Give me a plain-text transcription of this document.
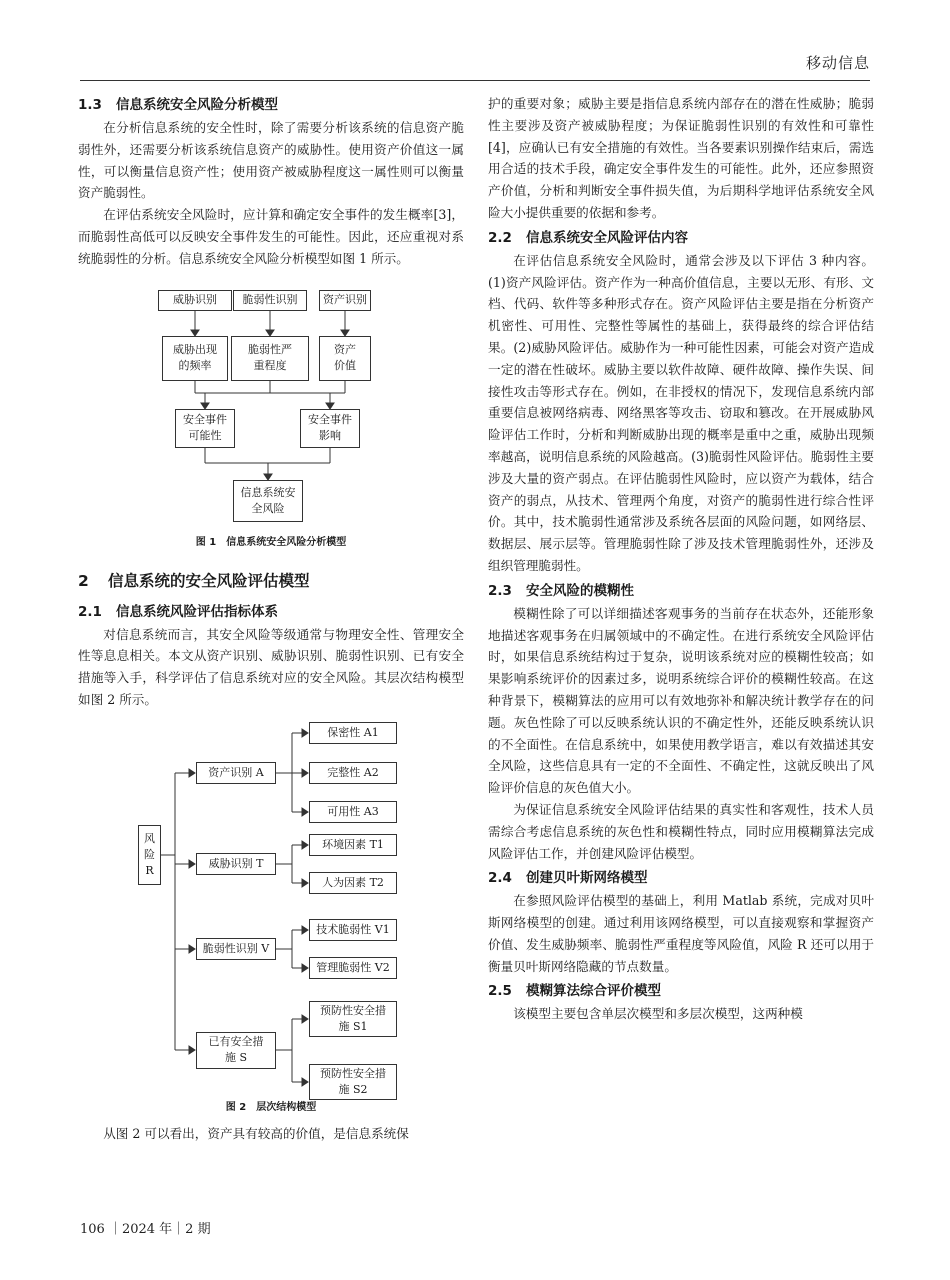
移动信息
1.3 信息系统安全风险分析模型

在分析信息系统的安全性时，除了需要分析该系统的信息资产脆弱性外，还需要分析该系统信息资产的威胁性。使用资产价值这一属性，可以衡量信息资产性；使用资产被威胁程度这一属性则可以衡量资产脆弱性。

在评估系统安全风险时，应计算和确定安全事件的发生概率[3]，而脆弱性高低可以反映安全事件发生的可能性。因此，还应重视对系统脆弱性的分析。信息系统安全风险分析模型如图 1 所示。

威胁识别	脆弱性识别	资产识别
威胁出现的频率
脆弱性严重程度
资产价值
安全事件可能性
安全事件影响
信息系统安全风险
图 1　信息系统安全风险分析模型
2 信息系统的安全风险评估模型
2.1 信息系统风险评估指标体系

对信息系统而言，其安全风险等级通常与物理安全性、管理安全性等息息相关。本文从资产识别、威胁识别、脆弱性识别、已有安全措施等入手，科学评估了信息系统对应的安全风险。其层次结构模型如图 2 所示。

风险R
资产识别 A
威胁识别 T
脆弱性识别 V
已有安全措施 S
保密性 A1
完整性 A2
可用性 A3
环境因素 T1
人为因素 T2
技术脆弱性 V1
管理脆弱性 V2
预防性安全措施 S1
预防性安全措施 S2
图 2　层次结构模型

从图 2 可以看出，资产具有较高的价值，是信息系统保

护的重要对象；威胁主要是指信息系统内部存在的潜在性威胁；脆弱性主要涉及资产被威胁程度；为保证脆弱性识别的有效性和可靠性[4]，应确认已有安全措施的有效性。当各要素识别操作结束后，需选用合适的技术手段，确定安全事件发生的可能性。此外，还应参照资产价值，分析和判断安全事件损失值，为后期科学地评估系统安全风险大小提供重要的依据和参考。

2.2 信息系统安全风险评估内容

在评估信息系统安全风险时，通常会涉及以下评估 3 种内容。(1)资产风险评估。资产作为一种高价值信息，主要以无形、有形、文档、代码、软件等多种形式存在。资产风险评估主要是指在分析资产机密性、可用性、完整性等属性的基础上，获得最终的综合评估结果。(2)威胁风险评估。威胁作为一种可能性因素，可能会对资产造成一定的潜在性破坏。威胁主要以软件故障、硬件故障、操作失误、间接性攻击等形式存在。例如，在非授权的情况下，发现信息系统内部重要信息被网络病毒、网络黑客等攻击、窃取和篡改。在开展威胁风险评估工作时，分析和判断威胁出现的概率是重中之重，威胁出现频率越高，说明信息系统的风险越高。(3)脆弱性风险评估。脆弱性主要涉及大量的资产弱点。在评估脆弱性风险时，应以资产为载体，结合资产的弱点，从技术、管理两个角度，对资产的脆弱性进行综合性评价。其中，技术脆弱性通常涉及系统各层面的风险问题，如网络层、数据层、展示层等。管理脆弱性除了涉及技术管理脆弱性外，还涉及组织管理脆弱性。

2.3 安全风险的模糊性

模糊性除了可以详细描述客观事务的当前存在状态外，还能形象地描述客观事务在归属领域中的不确定性。在进行系统安全风险评估时，如果信息系统结构过于复杂，说明该系统对应的模糊性较高；如果影响系统评价的因素过多，说明系统综合评价的模糊性较高。在这种背景下，模糊算法的应用可以有效地弥补和解决统计教学存在的问题。灰色性除了可以反映系统认识的不确定性外，还能反映系统认识的不全面性。在信息系统中，如果使用教学语言，难以有效描述其安全风险，这些信息具有一定的不全面性、不确定性，这就反映出了风险评价信息的灰色值大小。

为保证信息系统安全风险评估结果的真实性和客观性，技术人员需综合考虑信息系统的灰色性和模糊性特点，同时应用模糊算法完成风险评估工作，并创建风险评估模型。

2.4 创建贝叶斯网络模型

在参照风险评估模型的基础上，利用 Matlab 系统，完成对贝叶斯网络模型的创建。通过利用该网络模型，可以直接观察和掌握资产价值、发生威胁频率、脆弱性严重程度等风险值，风险 R 还可以用于衡量贝叶斯网络隐藏的节点数量。

2.5 模糊算法综合评价模型

该模型主要包含单层次模型和多层次模型，这两种模

106 ｜2024 年｜2 期
